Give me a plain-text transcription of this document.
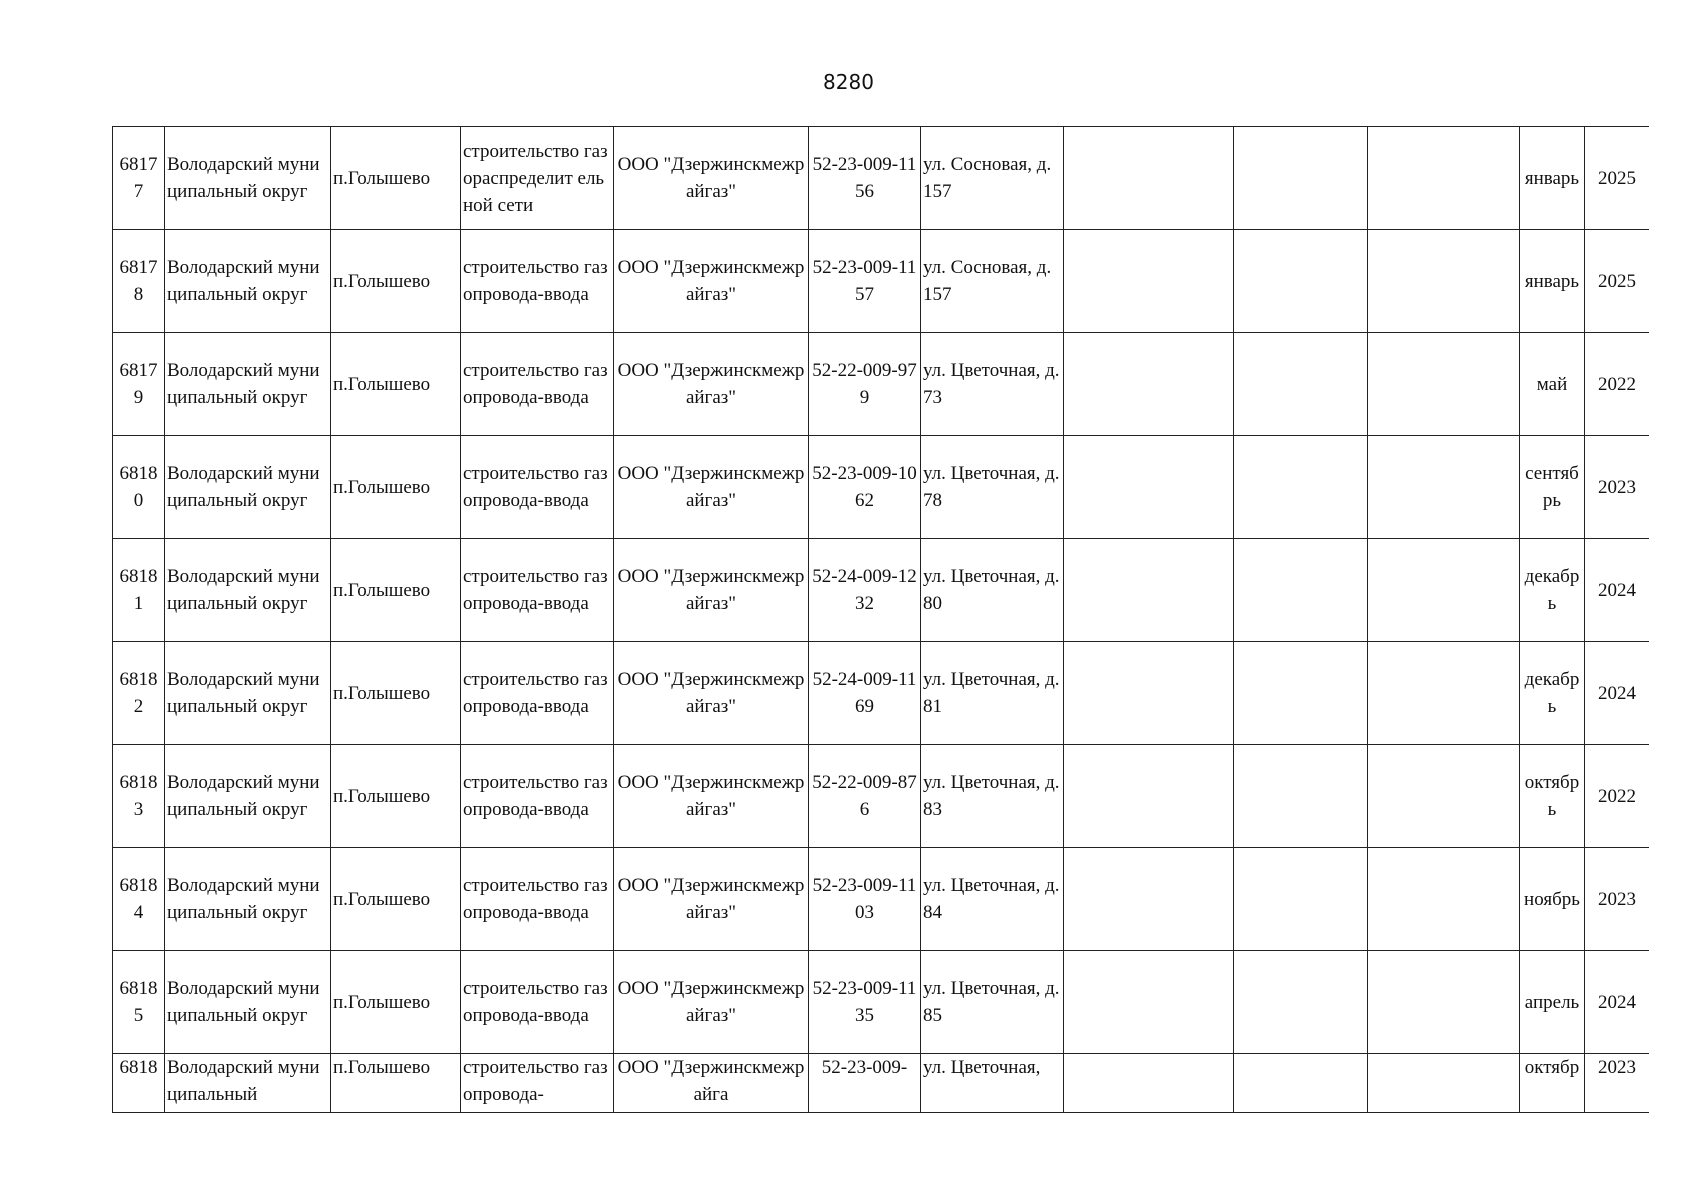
8280
68177	Володарский муниципальный округ	п.Голышево	строительство газораспределит ельной сети	ООО "Дзержинскмежрайгаз"	52-23-009-1156	ул. Сосновая, д. 157				январь	2025
68178	Володарский муниципальный округ	п.Голышево	строительство газопровода-ввода	ООО "Дзержинскмежрайгаз"	52-23-009-1157	ул. Сосновая, д. 157				январь	2025
68179	Володарский муниципальный округ	п.Голышево	строительство газопровода-ввода	ООО "Дзержинскмежрайгаз"	52-22-009-979	ул. Цветочная, д. 73				май	2022
68180	Володарский муниципальный округ	п.Голышево	строительство газопровода-ввода	ООО "Дзержинскмежрайгаз"	52-23-009-1062	ул. Цветочная, д. 78				сентябрь	2023
68181	Володарский муниципальный округ	п.Голышево	строительство газопровода-ввода	ООО "Дзержинскмежрайгаз"	52-24-009-1232	ул. Цветочная, д. 80				декабрь	2024
68182	Володарский муниципальный округ	п.Голышево	строительство газопровода-ввода	ООО "Дзержинскмежрайгаз"	52-24-009-1169	ул. Цветочная, д. 81				декабрь	2024
68183	Володарский муниципальный округ	п.Голышево	строительство газопровода-ввода	ООО "Дзержинскмежрайгаз"	52-22-009-876	ул. Цветочная, д. 83				октябрь	2022
68184	Володарский муниципальный округ	п.Голышево	строительство газопровода-ввода	ООО "Дзержинскмежрайгаз"	52-23-009-1103	ул. Цветочная, д. 84				ноябрь	2023
68185	Володарский муниципальный округ	п.Голышево	строительство газопровода-ввода	ООО "Дзержинскмежрайгаз"	52-23-009-1135	ул. Цветочная, д. 85				апрель	2024
6818	Володарский муниципальный	п.Голышево	строительство газопровода-	ООО "Дзержинскмежрайга	52-23-009-	ул. Цветочная,				октябр	2023
